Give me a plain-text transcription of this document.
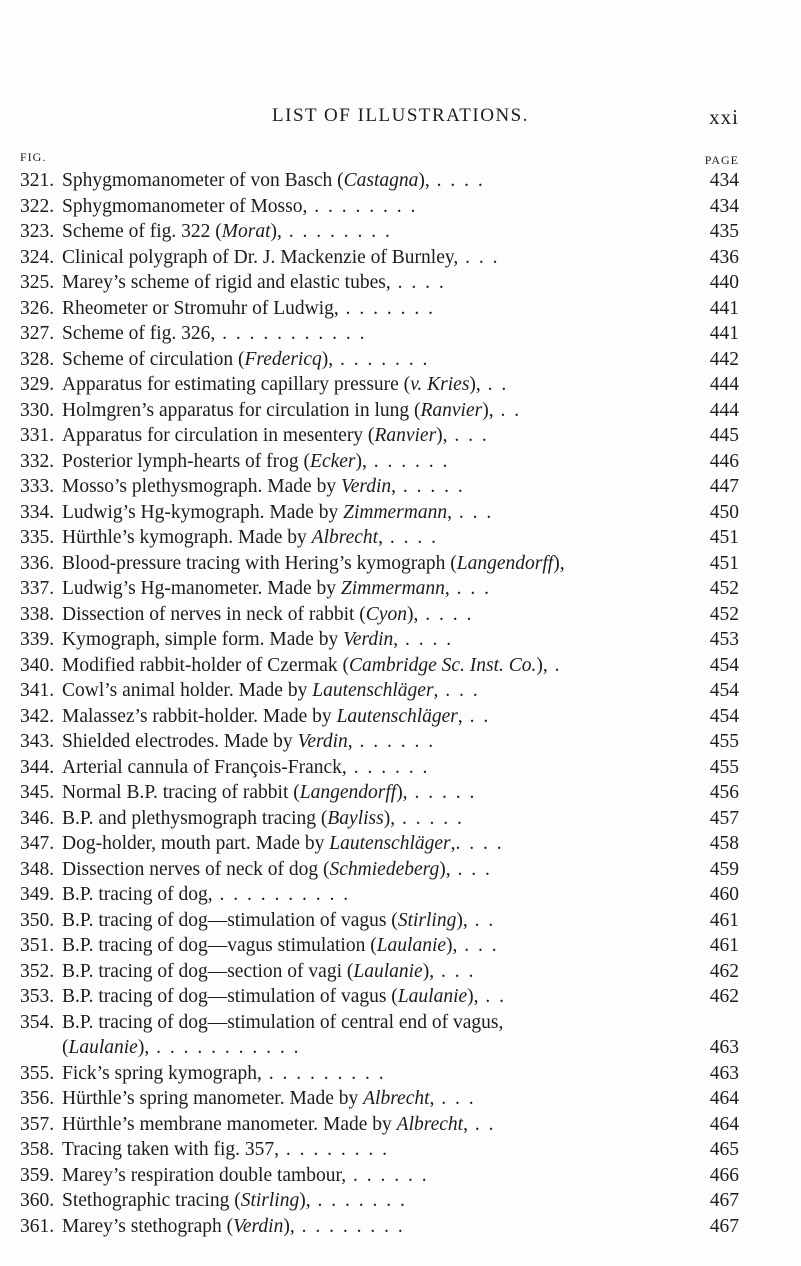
LIST OF ILLUSTRATIONS.	xxi
FIG.	PAGE
321. Sphygmomanometer of von Basch (Castagna), . . . .	434
322. Sphygmomanometer of Mosso, . . . . . . . .	434
323. Scheme of fig. 322 (Morat), . . . . . . . .	435
324. Clinical polygraph of Dr. J. Mackenzie of Burnley, . . .	436
325. Marey’s scheme of rigid and elastic tubes, . . . .	440
326. Rheometer or Stromuhr of Ludwig, . . . . . . .	441
327. Scheme of fig. 326, . . . . . . . . . . .	441
328. Scheme of circulation (Fredericq), . . . . . . .	442
329. Apparatus for estimating capillary pressure (v. Kries), . .	444
330. Holmgren’s apparatus for circulation in lung (Ranvier), . .	444
331. Apparatus for circulation in mesentery (Ranvier), . . .	445
332. Posterior lymph-hearts of frog (Ecker), . . . . . .	446
333. Mosso’s plethysmograph. Made by Verdin, . . . . .	447
334. Ludwig’s Hg-kymograph. Made by Zimmermann, . . .	450
335. Hürthle’s kymograph. Made by Albrecht, . . . .	451
336. Blood-pressure tracing with Hering’s kymograph (Langendorff),	451
337. Ludwig’s Hg-manometer. Made by Zimmermann, . . .	452
338. Dissection of nerves in neck of rabbit (Cyon), . . . .	452
339. Kymograph, simple form. Made by Verdin, . . . .	453
340. Modified rabbit-holder of Czermak (Cambridge Sc. Inst. Co.), .	454
341. Cowl’s animal holder. Made by Lautenschläger, . . .	454
342. Malassez’s rabbit-holder. Made by Lautenschläger, . .	454
343. Shielded electrodes. Made by Verdin, . . . . . .	455
344. Arterial cannula of François-Franck, . . . . . .	455
345. Normal B.P. tracing of rabbit (Langendorff), . . . . .	456
346. B.P. and plethysmograph tracing (Bayliss), . . . . .	457
347. Dog-holder, mouth part. Made by Lautenschläger,. . . .	458
348. Dissection nerves of neck of dog (Schmiedeberg), . . .	459
349. B.P. tracing of dog, . . . . . . . . . .	460
350. B.P. tracing of dog—stimulation of vagus (Stirling), . .	461
351. B.P. tracing of dog—vagus stimulation (Laulanie), . . .	461
352. B.P. tracing of dog—section of vagi (Laulanie), . . .	462
353. B.P. tracing of dog—stimulation of vagus (Laulanie), . .	462
354. B.P. tracing of dog—stimulation of central end of vagus,
(Laulanie), . . . . . . . . . . .	463
355. Fick’s spring kymograph, . . . . . . . . .	463
356. Hürthle’s spring manometer. Made by Albrecht, . . .	464
357. Hürthle’s membrane manometer. Made by Albrecht, . .	464
358. Tracing taken with fig. 357, . . . . . . . .	465
359. Marey’s respiration double tambour, . . . . . .	466
360. Stethographic tracing (Stirling), . . . . . . .	467
361. Marey’s stethograph (Verdin), . . . . . . . .	467
